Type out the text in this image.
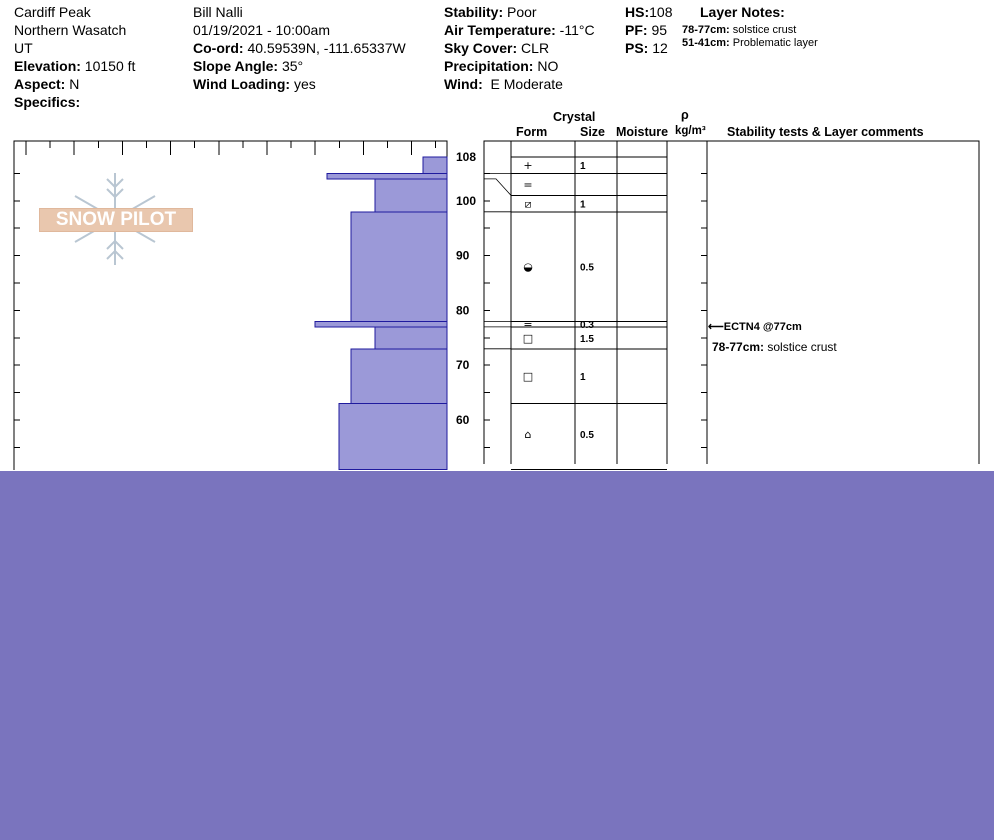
Cardiff Peak
Northern Wasatch
UT
Elevation: 10150 ft
Aspect: N
Specifics:
Bill Nalli
01/19/2021 - 10:00am
Co-ord: 40.59539N, -111.65337W
Slope Angle: 35°
Wind Loading: yes
Stability: Poor
Air Temperature: -11°C
Sky Cover: CLR
Precipitation: NO
Wind: E Moderate
HS:108
PF: 95
PS: 12
Layer Notes:
78-77cm: solstice crust
51-41cm: Problematic layer
Crystal
Form	Size Moisture
ρ
kg/m³ Stability tests & Layer comments
SNOW PILOT
108
100
90
80
70
60
+	1
=
⧄	1
◒	0.5
=	0.3
□	1.5
□	1
⌂	0.5
⟵ECTN4 @77cm
78-77cm: solstice crust
